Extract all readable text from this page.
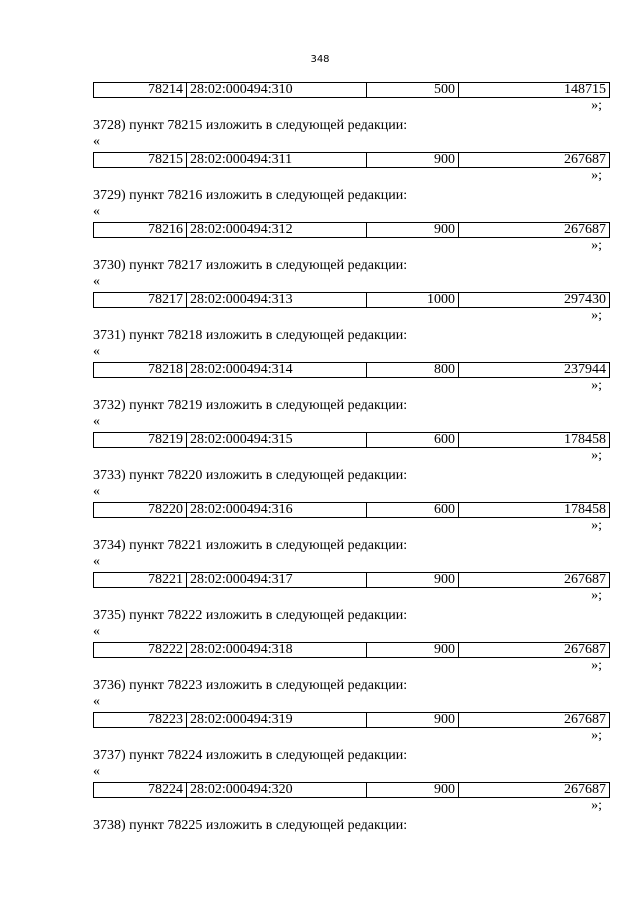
348
78214	28:02:000494:310	500	148715
»;
3728) пункт 78215 изложить в следующей редакции:
«
78215	28:02:000494:311	900	267687
»;
3729) пункт 78216 изложить в следующей редакции:
«
78216	28:02:000494:312	900	267687
»;
3730) пункт 78217 изложить в следующей редакции:
«
78217	28:02:000494:313	1000	297430
»;
3731) пункт 78218 изложить в следующей редакции:
«
78218	28:02:000494:314	800	237944
»;
3732) пункт 78219 изложить в следующей редакции:
«
78219	28:02:000494:315	600	178458
»;
3733) пункт 78220 изложить в следующей редакции:
«
78220	28:02:000494:316	600	178458
»;
3734) пункт 78221 изложить в следующей редакции:
«
78221	28:02:000494:317	900	267687
»;
3735) пункт 78222 изложить в следующей редакции:
«
78222	28:02:000494:318	900	267687
»;
3736) пункт 78223 изложить в следующей редакции:
«
78223	28:02:000494:319	900	267687
»;
3737) пункт 78224 изложить в следующей редакции:
«
78224	28:02:000494:320	900	267687
»;
3738) пункт 78225 изложить в следующей редакции:
